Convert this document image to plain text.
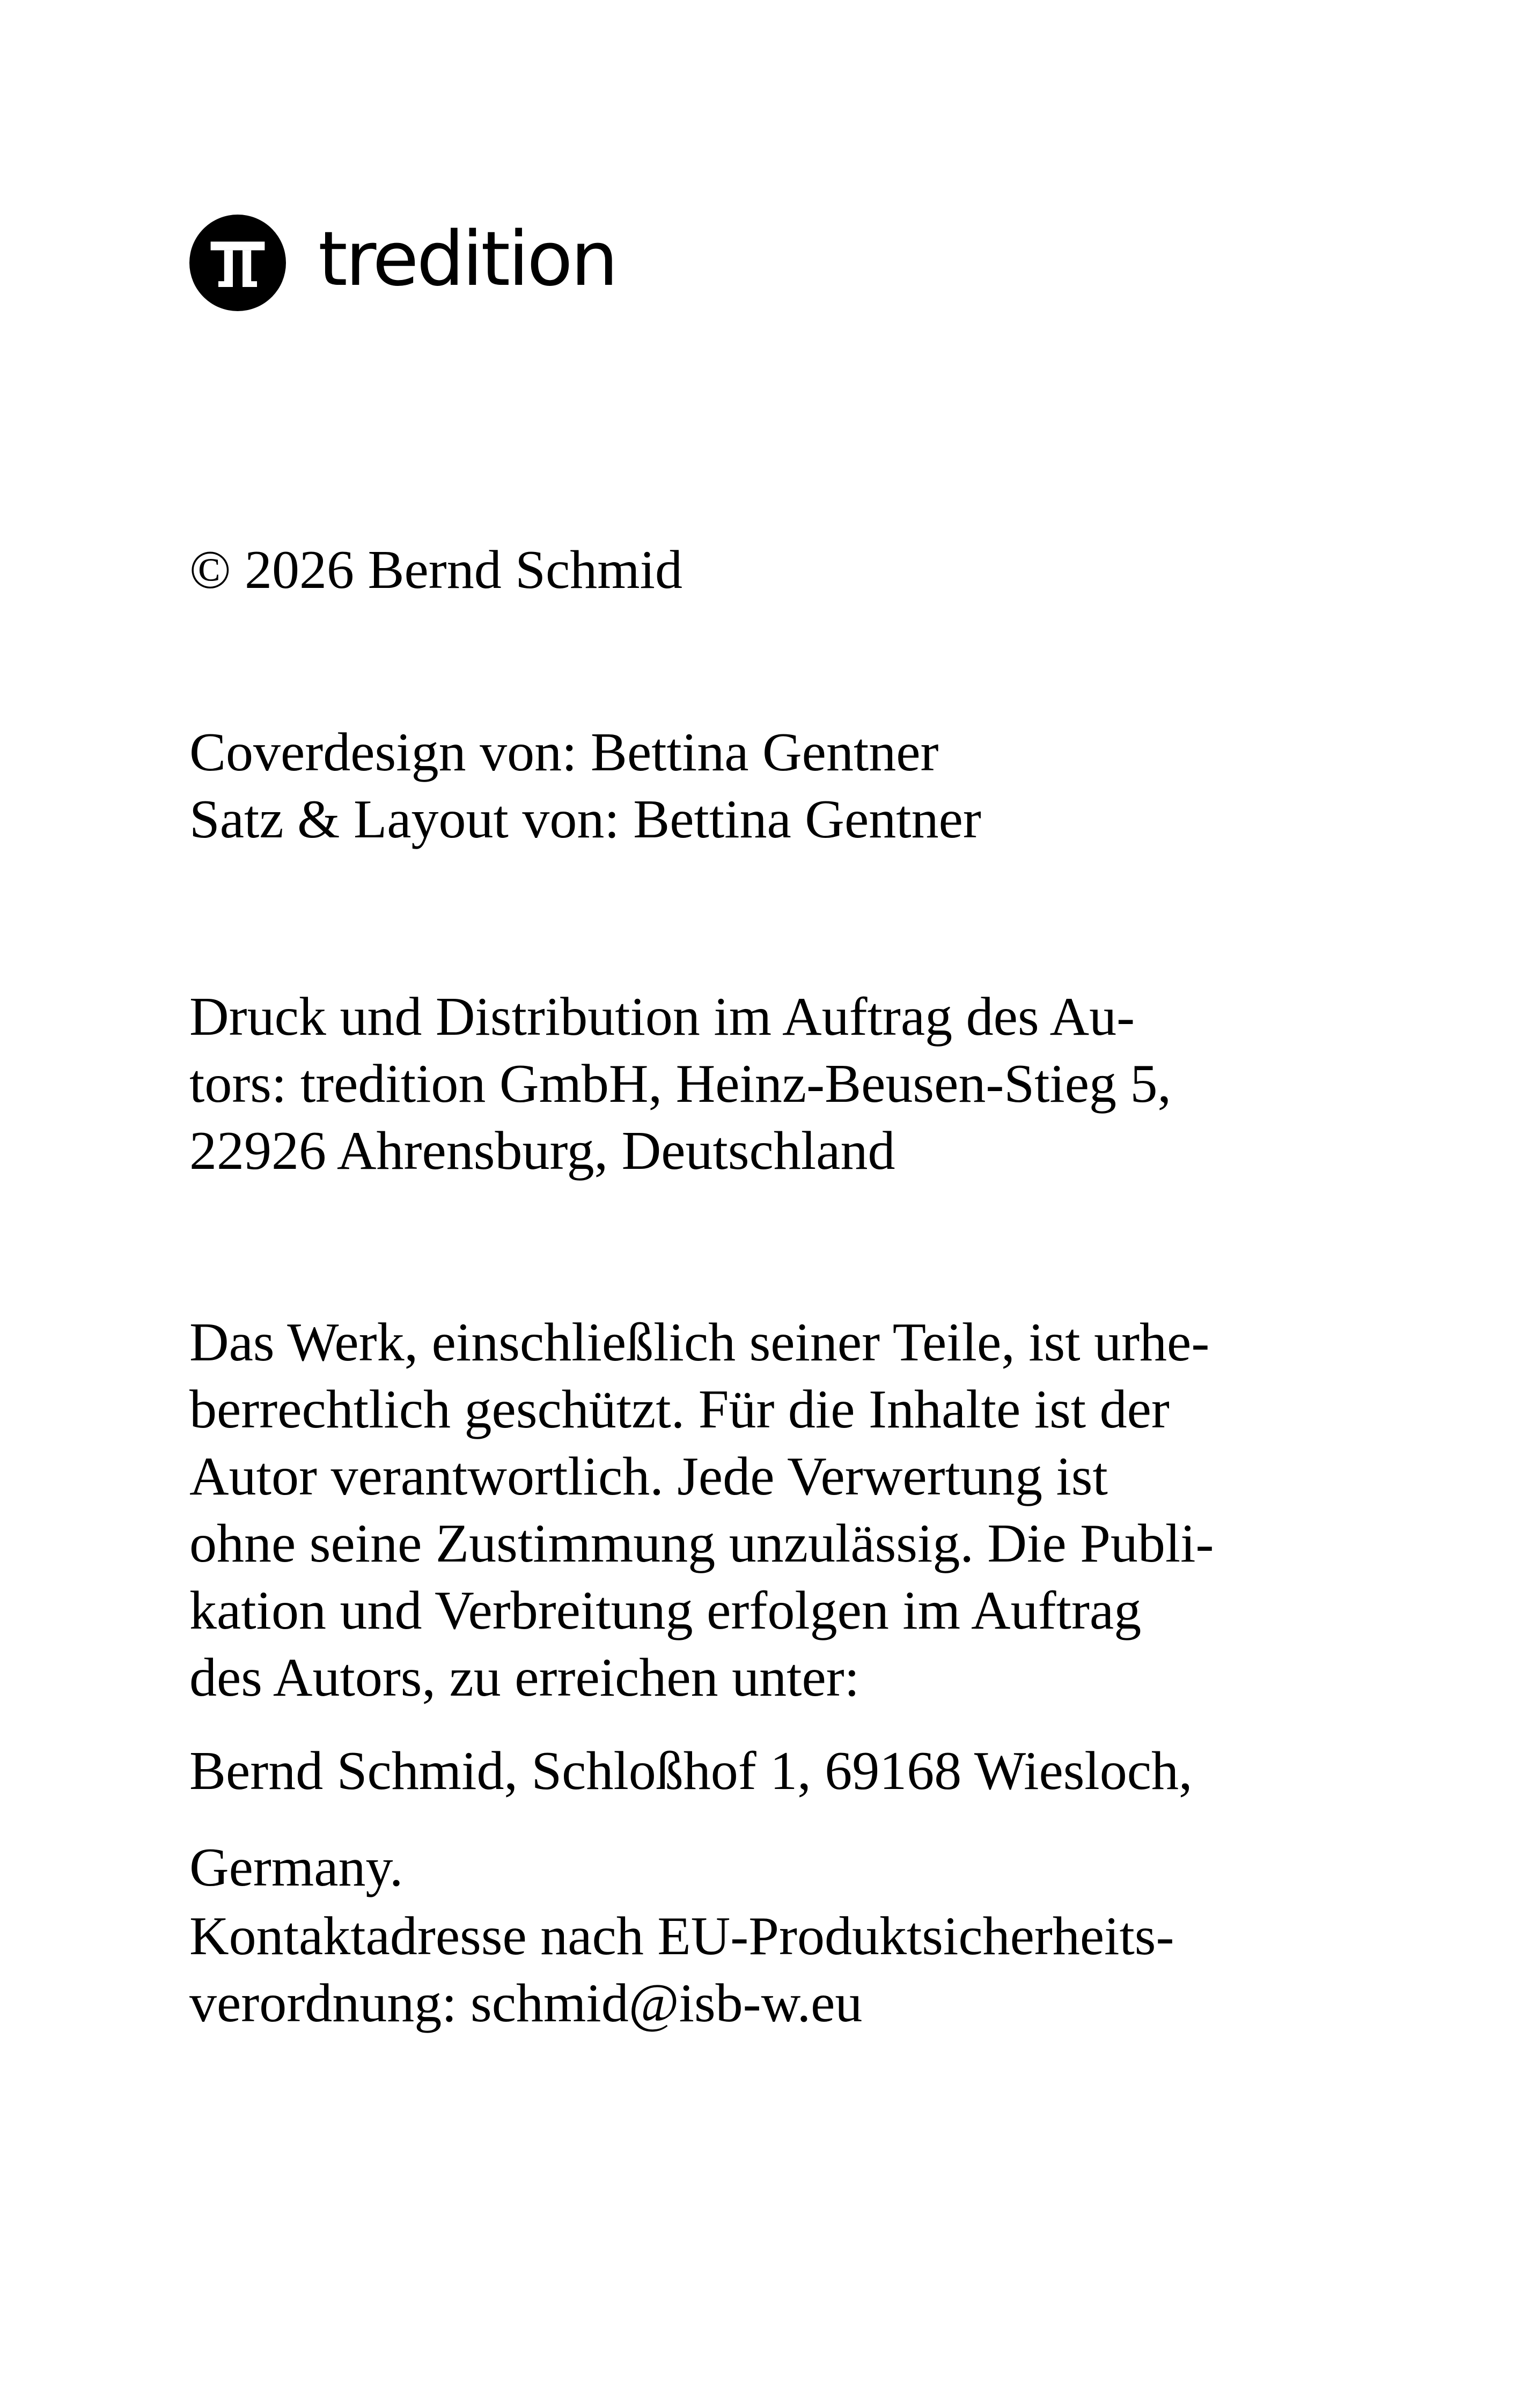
tredition
© 2026 Bernd Schmid
Coverdesign von: Bettina Gentner
Satz & Layout von: Bettina Gentner
Druck und Distribution im Auftrag des Au-
tors: tredition GmbH, Heinz-Beusen-Stieg 5,
22926 Ahrensburg, Deutschland
Das Werk, einschließlich seiner Teile, ist urhe-
berrechtlich geschützt. Für die Inhalte ist der
Autor verantwortlich. Jede Verwertung ist
ohne seine Zustimmung unzulässig. Die Publi-
kation und Verbreitung erfolgen im Auftrag
des Autors, zu erreichen unter:
Bernd Schmid, Schloßhof 1, 69168 Wiesloch,
Germany.
Kontaktadresse nach EU-Produktsicherheits-
verordnung: schmid@isb-w.eu
